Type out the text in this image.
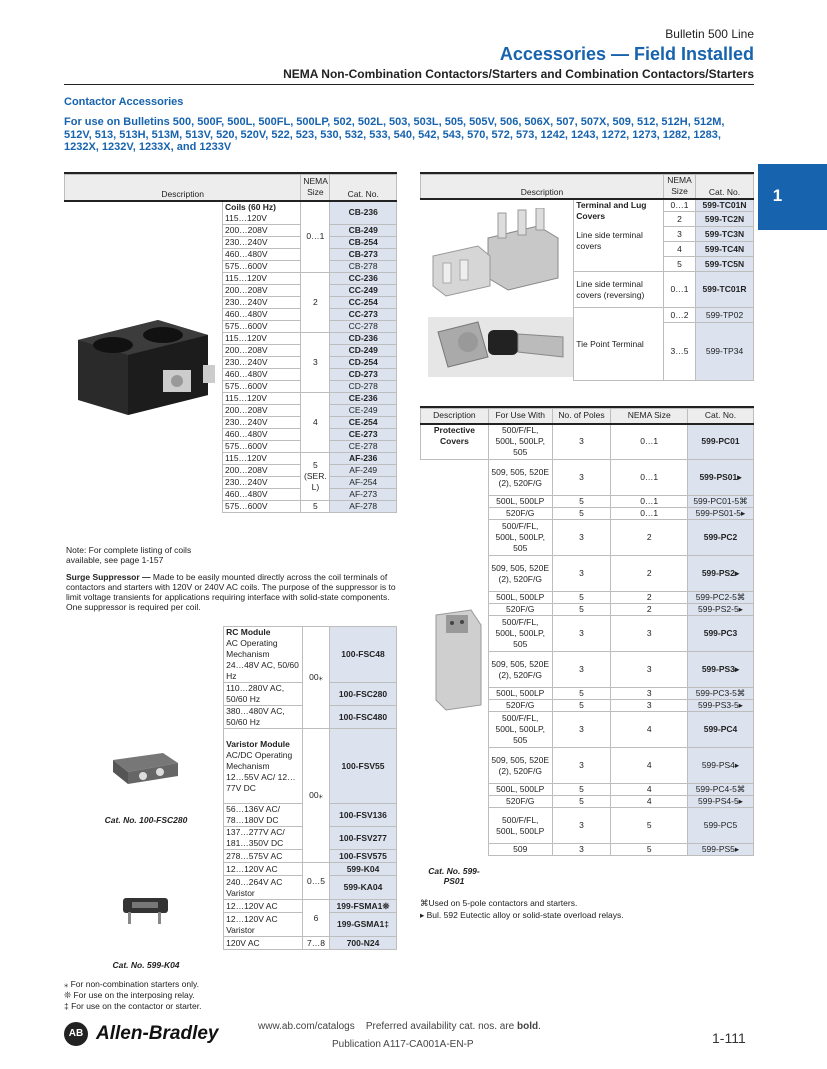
Bulletin 500 Line
Accessories — Field Installed
NEMA Non-Combination Contactors/Starters and Combination Contactors/Starters
1
Contactor Accessories
For use on Bulletins 500, 500F, 500L, 500FL, 500LP, 502, 502L, 503, 503L, 505, 505V, 506, 506X, 507, 507X, 509, 512, 512H, 512M, 512V, 513, 513H, 513M, 513V, 520, 520V, 522, 523, 530, 532, 533, 540, 542, 543, 570, 572, 573, 1242, 1243, 1272, 1273, 1282, 1283, 1232X, 1232V, 1233X, and 1233V
Description		NEMA Size	Cat. No.
	Coils (60 Hz)
115…120V	0…1	CB-236
	200…208V		CB-249
	230…240V		CB-254
	460…480V		CB-273
	575…600V		CB-278
	115…120V	2	CC-236
	200…208V		CC-249
	230…240V		CC-254
	460…480V		CC-273
	575…600V		CC-278
	115…120V	3	CD-236
	200…208V		CD-249
	230…240V		CD-254
	460…480V		CD-273
	575…600V		CD-278
	115…120V	4	CE-236
	200…208V		CE-249
	230…240V		CE-254
	460…480V		CE-273
	575…600V		CE-278
	115…120V	5 (SER. L)	AF-236
	200…208V		AF-249
	230…240V		AF-254
	460…480V		AF-273
	575…600V	5	AF-278
Note: For complete listing of coils available, see page 1-157
Surge Suppressor — Made to be easily mounted directly across the coil terminals of contactors and starters with 120V or 240V AC coils. The purpose of the suppressor is to limit voltage transients for applications requiring interface with solid-state components. One suppressor is required per coil.
	RC Module
AC Operating Mechanism
24…48V AC, 50/60 Hz	00⁎	100-FSC48
	110…280V AC, 50/60 Hz		100-FSC280
	380…480V AC, 50/60 Hz		100-FSC480
	Varistor Module
AC/DC Operating Mechanism
12…55V AC/ 12…77V DC	00⁎	100-FSV55
	56…136V AC/ 78…180V DC		100-FSV136
	137…277V AC/ 181…350V DC		100-FSV277
	278…575V AC		100-FSV575
	12…120V AC	0…5	599-K04
	240…264V AC Varistor		599-KA04
	12…120V AC	6	199-FSMA1❊
	12…120V AC Varistor		199-GSMA1‡
	120V AC	7…8	700-N24
Cat. No. 100-FSC280
Cat. No. 599-K04
⁎ For non-combination starters only.
❊ For use on the interposing relay.
‡ For use on the contactor or starter.
Description		NEMA Size	Cat. No.
	Terminal and Lug Covers
Line side terminal covers	0…1	599-TC01N
		2	599-TC2N
		3	599-TC3N
		4	599-TC4N
		5	599-TC5N
	Line side terminal covers (reversing)	0…1	599-TC01R
	Tie Point Terminal	0…2	599-TP02
		3…5	599-TP34
Description	For Use With	No. of Poles	NEMA Size	Cat. No.
Protective Covers	500/F/FL, 500L, 500LP, 505	3	0…1	599-PC01
	509, 505, 520E (2), 520F/G	3	0…1	599-PS01▸
	500L, 500LP	5	0…1	599-PC01-5⌘
	520F/G	5	0…1	599-PS01-5▸
	500/F/FL, 500L, 500LP, 505	3	2	599-PC2
	509, 505, 520E (2), 520F/G	3	2	599-PS2▸
	500L, 500LP	5	2	599-PC2-5⌘
	520F/G	5	2	599-PS2-5▸
	500/F/FL, 500L, 500LP, 505	3	3	599-PC3
	509, 505, 520E (2), 520F/G	3	3	599-PS3▸
	500L, 500LP	5	3	599-PC3-5⌘
	520F/G	5	3	599-PS3-5▸
	500/F/FL, 500L, 500LP, 505	3	4	599-PC4
	509, 505, 520E (2), 520F/G	3	4	599-PS4▸
	500L, 500LP	5	4	599-PC4-5⌘
	520F/G	5	4	599-PS4-5▸
	500/F/FL, 500L, 500LP	3	5	599-PC5
	509	3	5	599-PS5▸
Cat. No. 599-PS01
⌘Used on 5-pole contactors and starters.
▸ Bul. 592 Eutectic alloy or solid-state overload relays.
AB Allen-Bradley	www.ab.com/catalogs Preferred availability cat. nos. are bold.
Publication A117-CA001A-EN-P	1-111
